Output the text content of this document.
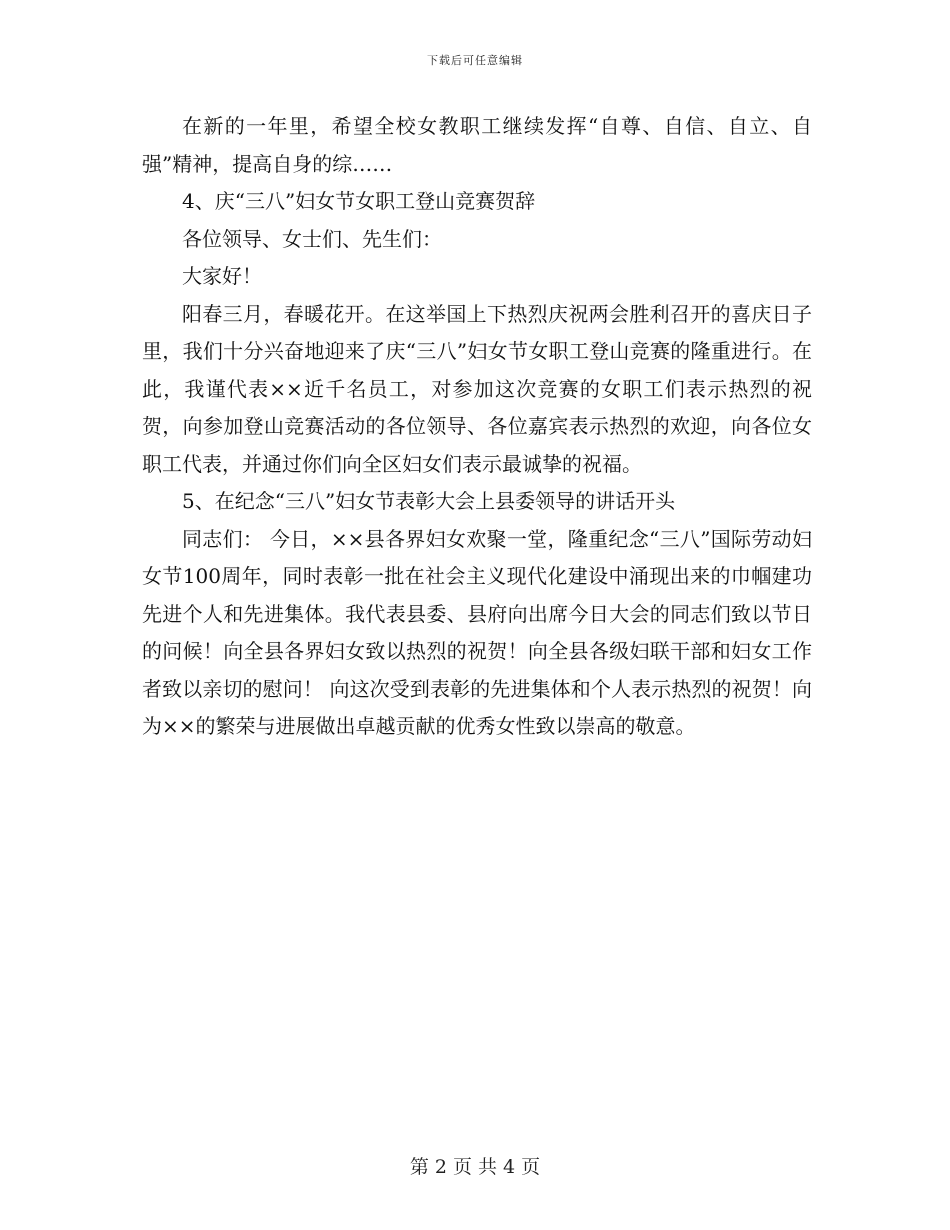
下载后可任意编辑

在新的一年里，希望全校女教职工继续发挥“自尊、自信、自立、自强”精神，提高自身的综……

4、庆“三八”妇女节女职工登山竞赛贺辞

各位领导、女士们、先生们：

大家好！

阳春三月，春暖花开。在这举国上下热烈庆祝两会胜利召开的喜庆日子里，我们十分兴奋地迎来了庆“三八”妇女节女职工登山竞赛的隆重进行。在此，我谨代表××近千名员工，对参加这次竞赛的女职工们表示热烈的祝贺，向参加登山竞赛活动的各位领导、各位嘉宾表示热烈的欢迎，向各位女职工代表，并通过你们向全区妇女们表示最诚挚的祝福。

5、在纪念“三八”妇女节表彰大会上县委领导的讲话开头

同志们： 今日，××县各界妇女欢聚一堂，隆重纪念“三八”国际劳动妇女节100周年，同时表彰一批在社会主义现代化建设中涌现出来的巾帼建功先进个人和先进集体。我代表县委、县府向出席今日大会的同志们致以节日的问候！向全县各界妇女致以热烈的祝贺！向全县各级妇联干部和妇女工作者致以亲切的慰问！ 向这次受到表彰的先进集体和个人表示热烈的祝贺！向为××的繁荣与进展做出卓越贡献的优秀女性致以崇高的敬意。

第 2 页 共 4 页
